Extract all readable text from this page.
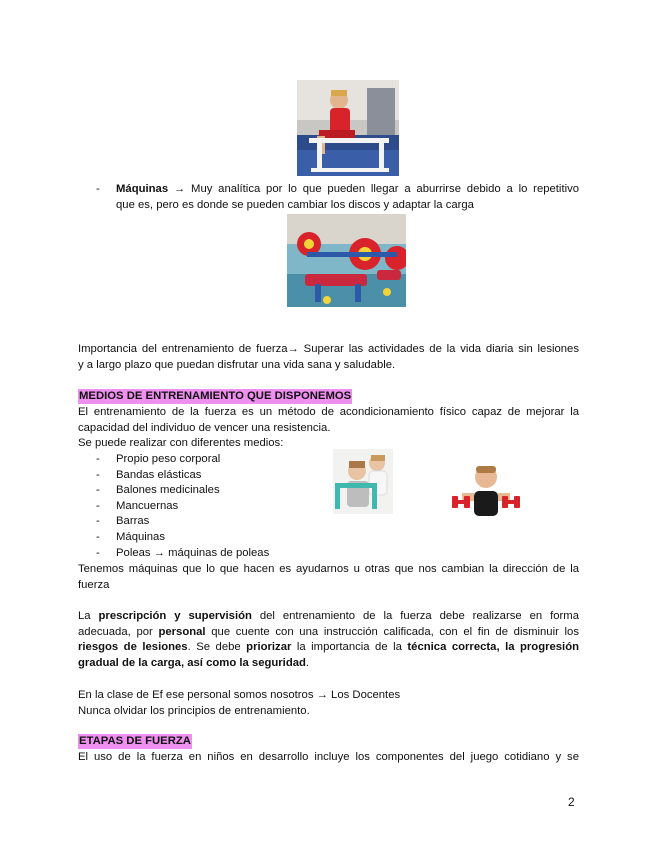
- Máquinas → Muy analítica por lo que pueden llegar a aburrirse debido a lo repetitivo
que es, pero es donde se pueden cambiar los discos y adaptar la carga
Importancia del entrenamiento de fuerza→ Superar las actividades de la vida diaria sin lesiones
y a largo plazo que puedan disfrutar una vida sana y saludable.
MEDIOS DE ENTRENAMIENTO QUE DISPONEMOS
El entrenamiento de la fuerza es un método de acondicionamiento físico capaz de mejorar la
capacidad del individuo de vencer una resistencia.
Se puede realizar con diferentes medios:
- Propio peso corporal
- Bandas elásticas
- Balones medicinales
- Mancuernas
- Barras
- Máquinas
- Poleas → máquinas de poleas
Tenemos máquinas que lo que hacen es ayudarnos u otras que nos cambian la dirección de la
fuerza
La prescripción y supervisión del entrenamiento de la fuerza debe realizarse en forma
adecuada, por personal que cuente con una instrucción calificada, con el fin de disminuir los
riesgos de lesiones. Se debe priorizar la importancia de la técnica correcta, la progresión
gradual de la carga, así como la seguridad.
En la clase de Ef ese personal somos nosotros → Los Docentes
Nunca olvidar los principios de entrenamiento.
ETAPAS DE FUERZA
El uso de la fuerza en niños en desarrollo incluye los componentes del juego cotidiano y se
2
